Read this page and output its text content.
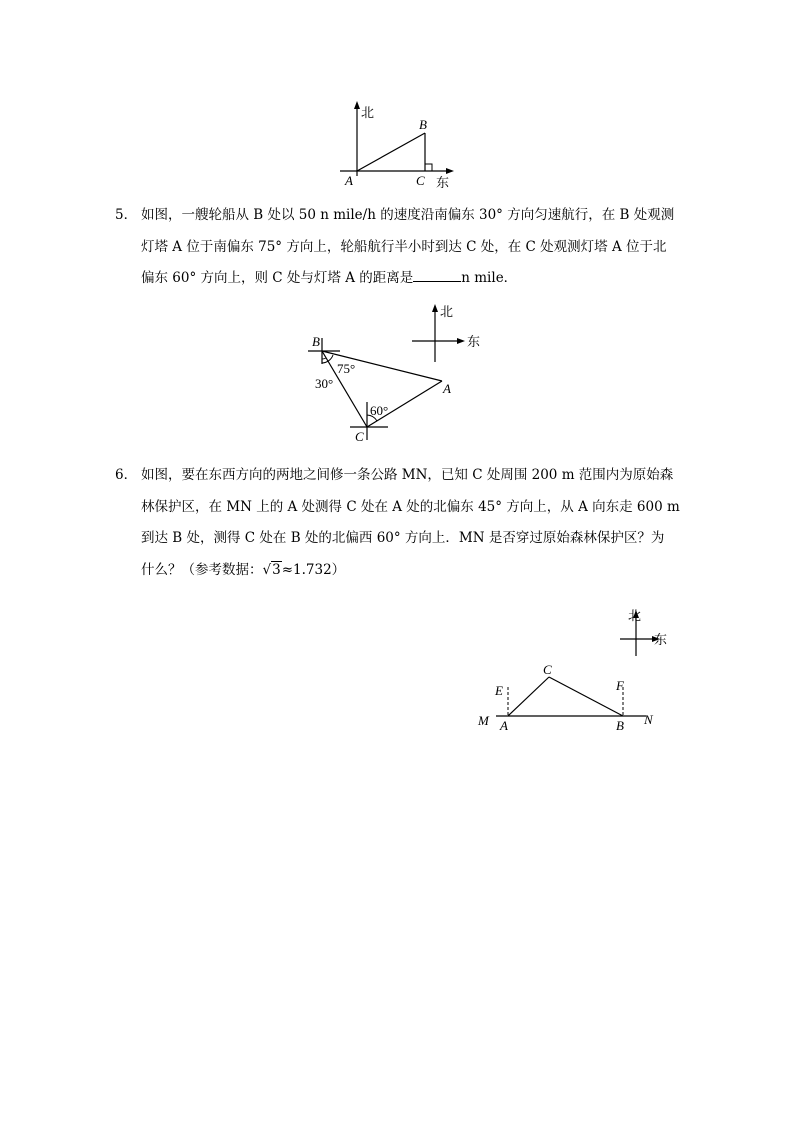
北
B
A	C 东
5． 如图，一艘轮船从 B 处以 50 n mile/h 的速度沿南偏东 30° 方向匀速航行，在 B 处观测
灯塔 A 位于南偏东 75° 方向上，轮船航行半小时到达 C 处，在 C 处观测灯塔 A 位于北
偏东 60° 方向上，则 C 处与灯塔 A 的距离是	n mile．
北
东
B
A
C
75°
30°
60°
6． 如图，要在东西方向的两地之间修一条公路 MN，已知 C 处周围 200 m 范围内为原始森
林保护区，在 MN 上的 A 处测得 C 处在 A 处的北偏东 45° 方向上，从 A 向东走 600 m
到达 B 处，测得 C 处在 B 处的北偏西 60° 方向上．MN 是否穿过原始森林保护区？为
什么？（参考数据：√3≈1.732）
北
东
M A
E
C
F
B N
